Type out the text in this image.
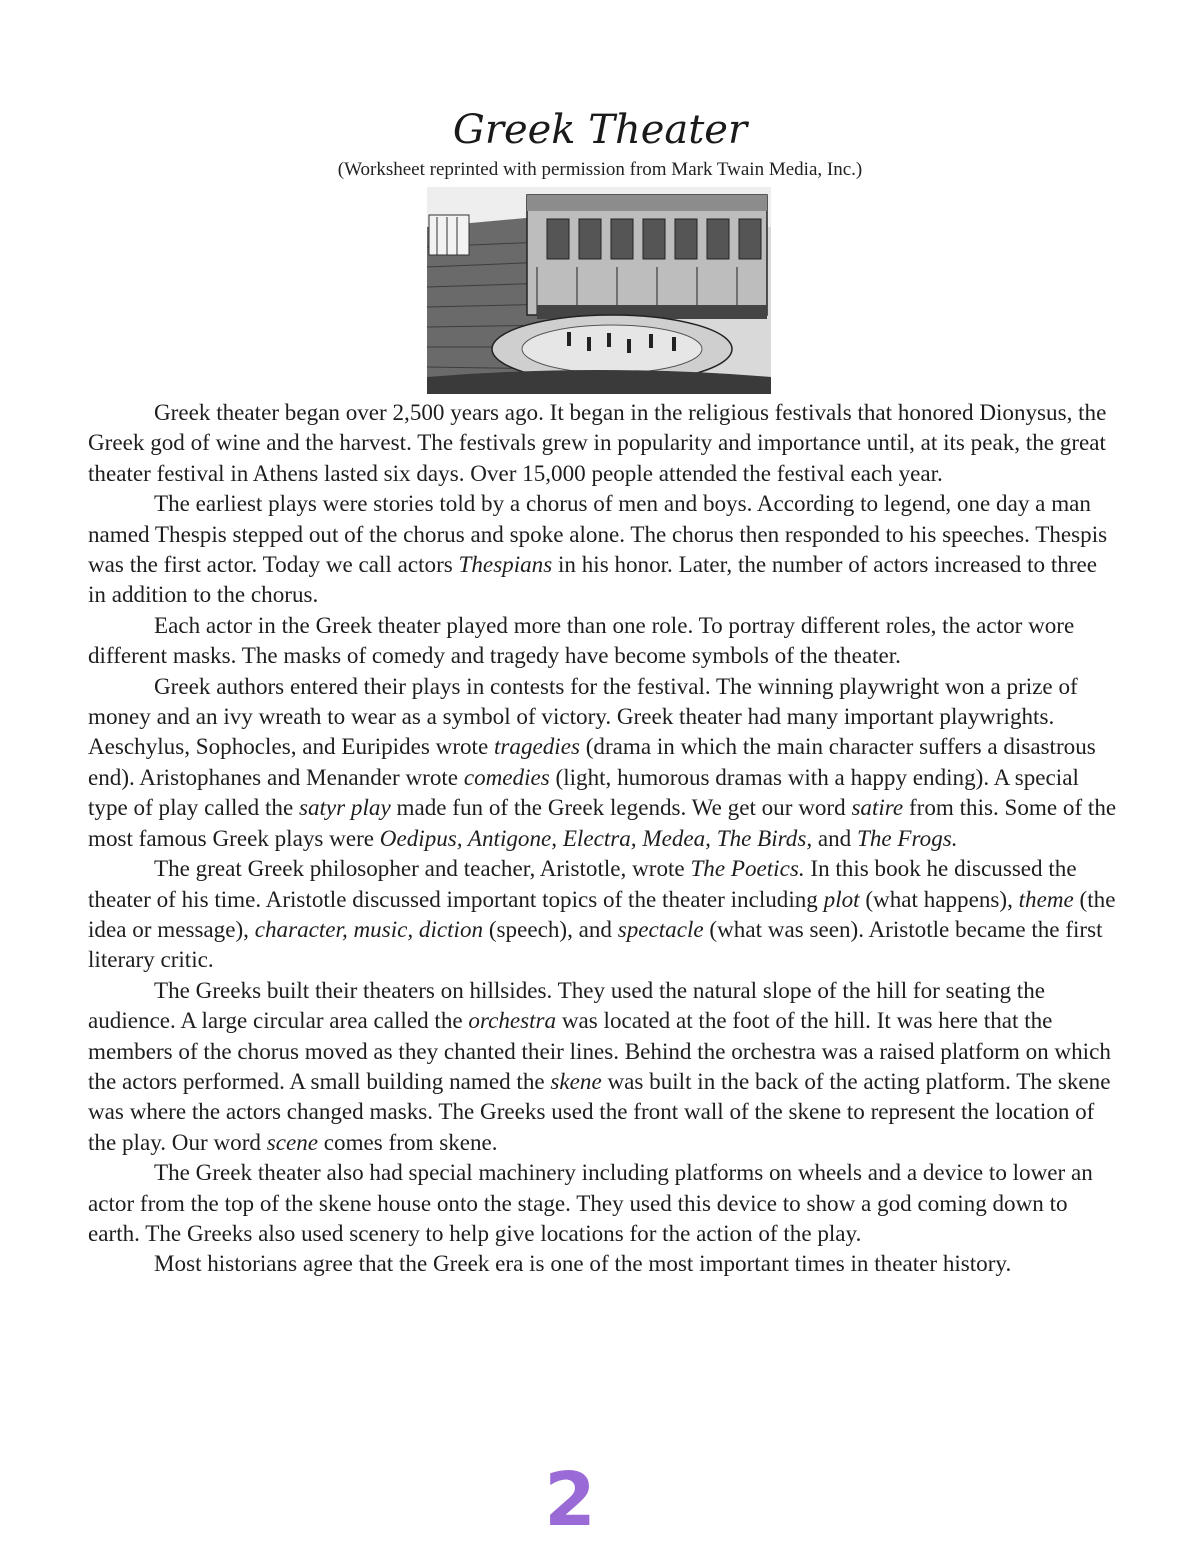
Greek Theater
(Worksheet reprinted with permission from Mark Twain Media, Inc.)

Greek theater began over 2,500 years ago. It began in the religious festivals that honored Dionysus, the Greek god of wine and the harvest. The festivals grew in popularity and importance until, at its peak, the great theater festival in Athens lasted six days. Over 15,000 people attended the festival each year.

The earliest plays were stories told by a chorus of men and boys. According to legend, one day a man named Thespis stepped out of the chorus and spoke alone. The chorus then responded to his speeches. Thespis was the first actor. Today we call actors Thespians in his honor. Later, the number of actors increased to three in addition to the chorus.

Each actor in the Greek theater played more than one role. To portray different roles, the actor wore different masks. The masks of comedy and tragedy have become symbols of the theater.

Greek authors entered their plays in contests for the festival. The winning playwright won a prize of money and an ivy wreath to wear as a symbol of victory. Greek theater had many important playwrights. Aeschylus, Sophocles, and Euripides wrote tragedies (drama in which the main character suffers a disastrous end). Aristophanes and Menander wrote comedies (light, humorous dramas with a happy ending). A special type of play called the satyr play made fun of the Greek legends. We get our word satire from this. Some of the most famous Greek plays were Oedipus, Antigone, Electra, Medea, The Birds, and The Frogs.

The great Greek philosopher and teacher, Aristotle, wrote The Poetics. In this book he discussed the theater of his time. Aristotle discussed important topics of the theater including plot (what happens), theme (the idea or message), character, music, diction (speech), and spectacle (what was seen). Aristotle became the first literary critic.

The Greeks built their theaters on hillsides. They used the natural slope of the hill for seating the audience. A large circular area called the orchestra was located at the foot of the hill. It was here that the members of the chorus moved as they chanted their lines. Behind the orchestra was a raised platform on which the actors performed. A small building named the skene was built in the back of the acting platform. The skene was where the actors changed masks. The Greeks used the front wall of the skene to represent the location of the play. Our word scene comes from skene.

The Greek theater also had special machinery including platforms on wheels and a device to lower an actor from the top of the skene house onto the stage. They used this device to show a god coming down to earth. The Greeks also used scenery to help give locations for the action of the play.

Most historians agree that the Greek era is one of the most important times in theater history.

2
